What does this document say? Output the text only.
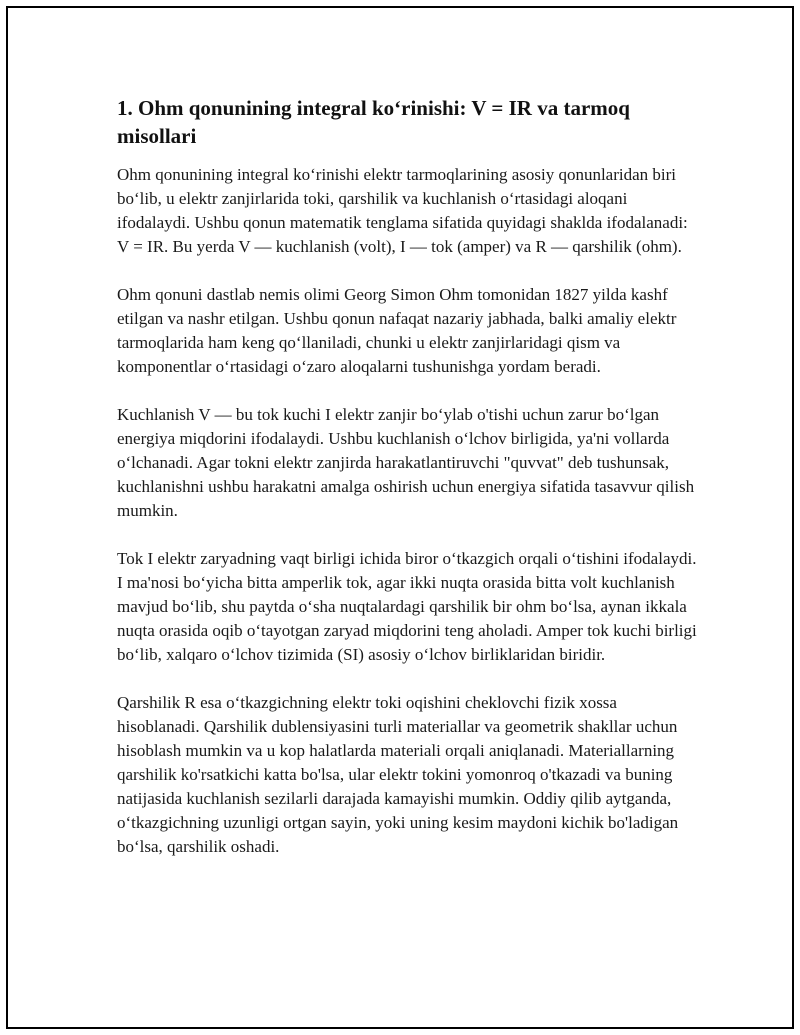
1. Ohm qonunining integral koʻrinishi: V = IR va tarmoq misollari

Ohm qonunining integral koʻrinishi elektr tarmoqlarining asosiy qonunlaridan biri boʻlib, u elektr zanjirlarida toki, qarshilik va kuchlanish oʻrtasidagi aloqani ifodalaydi. Ushbu qonun matematik tenglama sifatida quyidagi shaklda ifodalanadi: V = IR. Bu yerda V — kuchlanish (volt), I — tok (amper) va R — qarshilik (ohm).

Ohm qonuni dastlab nemis olimi Georg Simon Ohm tomonidan 1827 yilda kashf etilgan va nashr etilgan. Ushbu qonun nafaqat nazariy jabhada, balki amaliy elektr tarmoqlarida ham keng qoʻllaniladi, chunki u elektr zanjirlaridagi qism va komponentlar oʻrtasidagi oʻzaro aloqalarni tushunishga yordam beradi.

Kuchlanish V — bu tok kuchi I elektr zanjir boʻylab o'tishi uchun zarur boʻlgan energiya miqdorini ifodalaydi. Ushbu kuchlanish oʻlchov birligida, ya'ni vollarda oʻlchanadi. Agar tokni elektr zanjirda harakatlantiruvchi "quvvat" deb tushunsak, kuchlanishni ushbu harakatni amalga oshirish uchun energiya sifatida tasavvur qilish mumkin.

Tok I elektr zaryadning vaqt birligi ichida biror oʻtkazgich orqali oʻtishini ifodalaydi. I ma'nosi boʻyicha bitta amperlik tok, agar ikki nuqta orasida bitta volt kuchlanish mavjud boʻlib, shu paytda oʻsha nuqtalardagi qarshilik bir ohm boʻlsa, aynan ikkala nuqta orasida oqib oʻtayotgan zaryad miqdorini teng aholadi. Amper tok kuchi birligi boʻlib, xalqaro oʻlchov tizimida (SI) asosiy oʻlchov birliklaridan biridir.

Qarshilik R esa oʻtkazgichning elektr toki oqishini cheklovchi fizik xossa hisoblanadi. Qarshilik dublensiyasini turli materiallar va geometrik shakllar uchun hisoblash mumkin va u kop halatlarda materiali orqali aniqlanadi. Materiallarning qarshilik ko'rsatkichi katta bo'lsa, ular elektr tokini yomonroq o'tkazadi va buning natijasida kuchlanish sezilarli darajada kamayishi mumkin. Oddiy qilib aytganda, oʻtkazgichning uzunligi ortgan sayin, yoki uning kesim maydoni kichik bo'ladigan boʻlsa, qarshilik oshadi.
